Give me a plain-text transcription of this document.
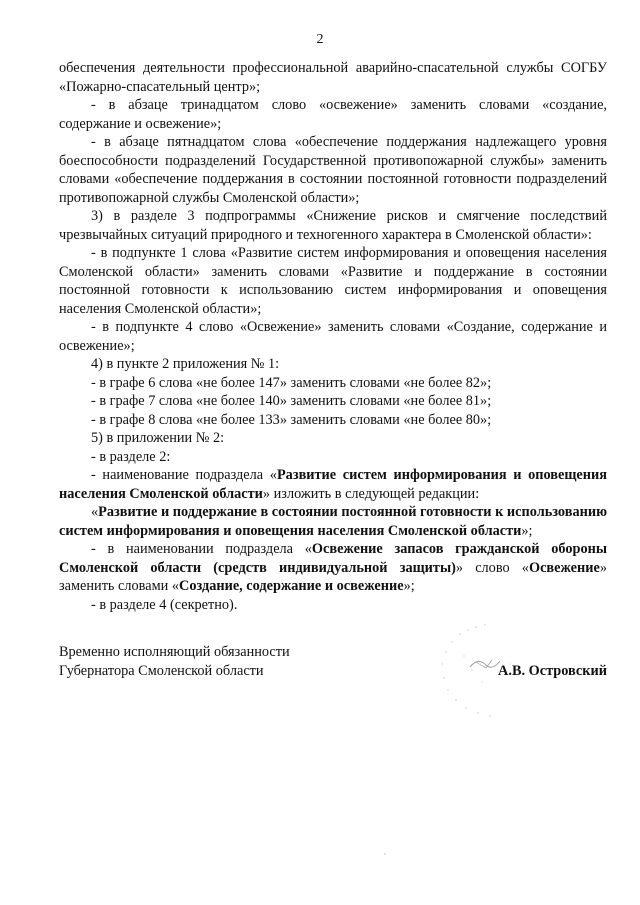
2

обеспечения деятельности профессиональной аварийно-спасательной службы СОГБУ «Пожарно-спасательный центр»;

- в абзаце тринадцатом слово «освежение» заменить словами «создание, содержание и освежение»;

- в абзаце пятнадцатом слова «обеспечение поддержания надлежащего уровня боеспособности подразделений Государственной противопожарной службы» заменить словами «обеспечение поддержания в состоянии постоянной готовности подразделений противопожарной службы Смоленской области»;

3) в разделе 3 подпрограммы «Снижение рисков и смягчение последствий чрезвычайных ситуаций природного и техногенного характера в Смоленской области»:

- в подпункте 1 слова «Развитие систем информирования и оповещения населения Смоленской области» заменить словами «Развитие и поддержание в состоянии постоянной готовности к использованию систем информирования и оповещения населения Смоленской области»;

- в подпункте 4 слово «Освежение» заменить словами «Создание, содержание и освежение»;

4) в пункте 2 приложения № 1:

- в графе 6 слова «не более 147» заменить словами «не более 82»;

- в графе 7 слова «не более 140» заменить словами «не более 81»;

- в графе 8 слова «не более 133» заменить словами «не более 80»;

5) в приложении № 2:

- в разделе 2:

- наименование подраздела «Развитие систем информирования и оповещения населения Смоленской области» изложить в следующей редакции:

«Развитие и поддержание в состоянии постоянной готовности к использованию систем информирования и оповещения населения Смоленской области»;

- в наименовании подраздела «Освежение запасов гражданской обороны Смоленской области (средств индивидуальной защиты)» слово «Освежение» заменить словами «Создание, содержание и освежение»;

- в разделе 4 (секретно).

Временно исполняющий обязанности
Губернатора Смоленской области	А.В. Островский
